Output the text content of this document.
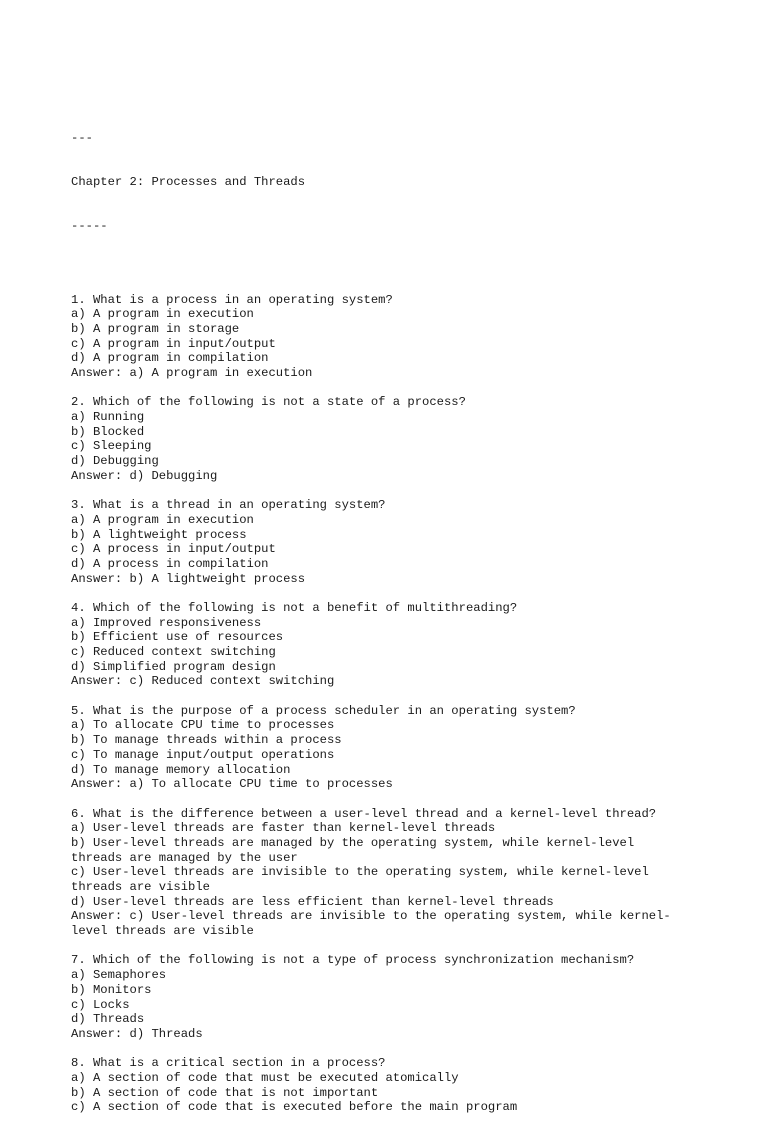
---

Chapter 2: Processes and Threads

-----

1. What is a process in an operating system?
a) A program in execution
b) A program in storage
c) A program in input/output
d) A program in compilation
Answer: a) A program in execution
2. Which of the following is not a state of a process?
a) Running
b) Blocked
c) Sleeping
d) Debugging
Answer: d) Debugging
3. What is a thread in an operating system?
a) A program in execution
b) A lightweight process
c) A process in input/output
d) A process in compilation
Answer: b) A lightweight process
4. Which of the following is not a benefit of multithreading?
a) Improved responsiveness
b) Efficient use of resources
c) Reduced context switching
d) Simplified program design
Answer: c) Reduced context switching
5. What is the purpose of a process scheduler in an operating system?
a) To allocate CPU time to processes
b) To manage threads within a process
c) To manage input/output operations
d) To manage memory allocation
Answer: a) To allocate CPU time to processes
6. What is the difference between a user-level thread and a kernel-level thread?
a) User-level threads are faster than kernel-level threads
b) User-level threads are managed by the operating system, while kernel-level
threads are managed by the user
c) User-level threads are invisible to the operating system, while kernel-level
threads are visible
d) User-level threads are less efficient than kernel-level threads
Answer: c) User-level threads are invisible to the operating system, while kernel-
level threads are visible
7. Which of the following is not a type of process synchronization mechanism?
a) Semaphores
b) Monitors
c) Locks
d) Threads
Answer: d) Threads
8. What is a critical section in a process?
a) A section of code that must be executed atomically
b) A section of code that is not important
c) A section of code that is executed before the main program
